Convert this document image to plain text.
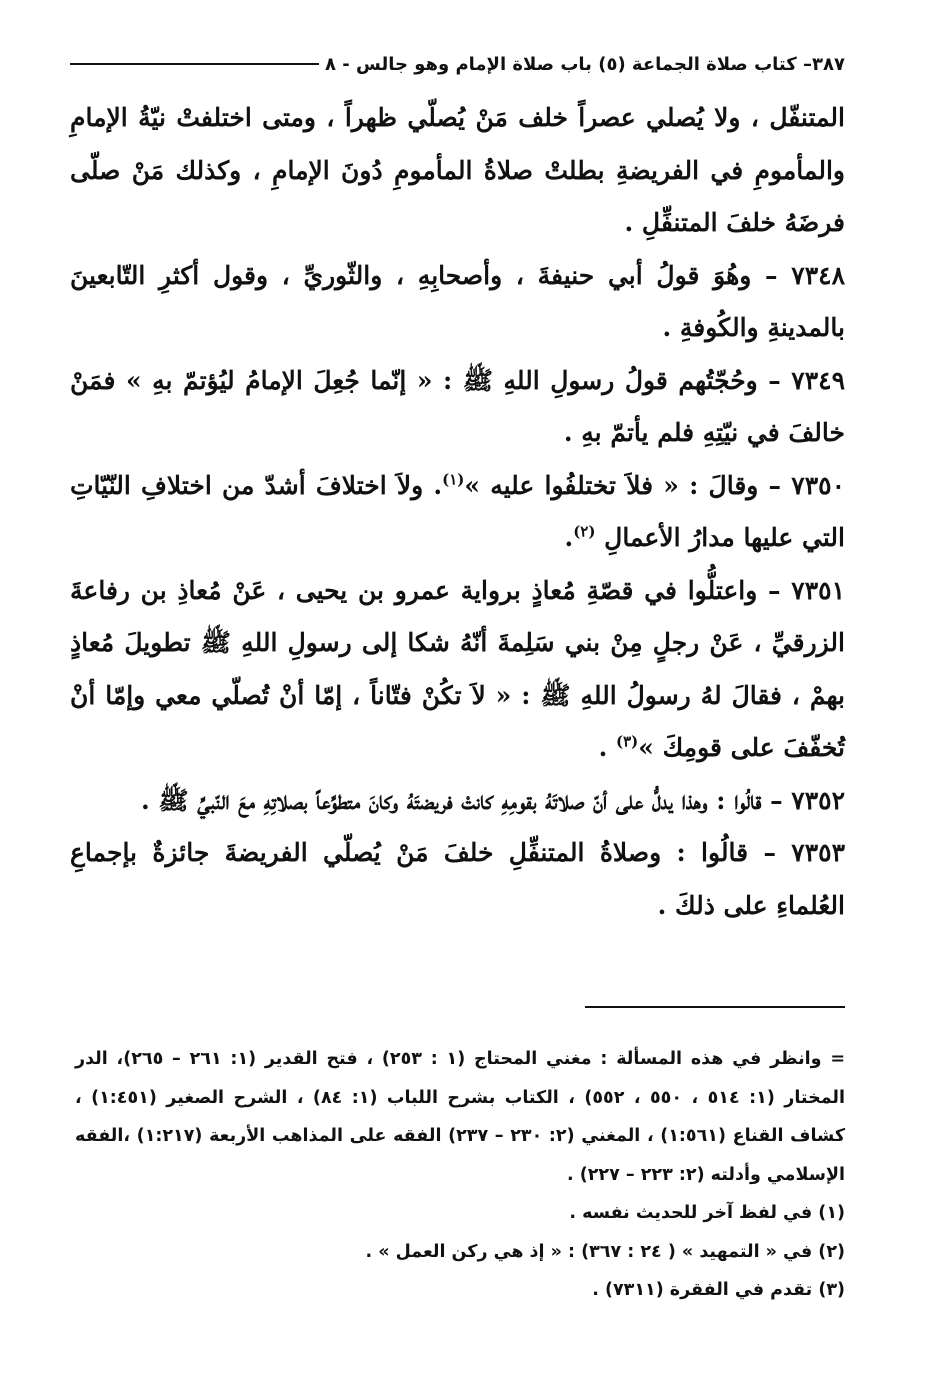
٣٨٧– كتاب صلاة الجماعة (٥) باب صلاة الإمام وهو جالس - ٨

المتنفّل ، ولا يُصلي عصراً خلف مَنْ يُصلّي ظهراً ، ومتى اختلفتْ نيّةُ الإمامِ والمأمومِ في الفريضةِ بطلتْ صلاةُ المأمومِ دُونَ الإمامِ ، وكذلك مَنْ صلّى فرضَهُ خلفَ المتنفِّلِ .

٧٣٤٨ – وهُوَ قولُ أبي حنيفةَ ، وأصحابِهِ ، والثّوريِّ ، وقول أكثرِ التّابعينَ بالمدينةِ والكُوفةِ .

٧٣٤٩ – وحُجّتُهم قولُ رسولِ اللهِ ﷺ : « إنّما جُعِلَ الإمامُ ليُؤتمّ بهِ » فمَنْ خالفَ في نيّتِهِ فلم يأتمّ بهِ .

٧٣٥٠ – وقالَ : « فلاَ تختلفُوا عليه »$^{(١)}$. ولاَ اختلافَ أشدّ من اختلافِ النّيّاتِ التي عليها مدارُ الأعمالِ $^{(٢)}$.

٧٣٥١ – واعتلُّوا في قصّةِ مُعاذٍ برواية عمرو بن يحيى ، عَنْ مُعاذِ بن رفاعةَ الزرقيِّ ، عَنْ رجلٍ مِنْ بني سَلِمةَ أنّهُ شكا إلى رسولِ اللهِ ﷺ تطويلَ مُعاذٍ بهمْ ، فقالَ لهُ رسولُ اللهِ ﷺ : « لاَ تكُنْ فتّاناً ، إمّا أنْ تُصلّي معي وإمّا أنْ تُخفّفَ على قومِكَ »$^{(٣)}$ .

٧٣٥٢ – قالُوا : وهذا يدلُّ على أنّ صلاتَهُ بقومِهِ كانتْ فريضتَهُ وكانَ متطوِّعاً بصلاتِهِ معَ النّبيِّ ﷺ .

٧٣٥٣ – قالُوا : وصلاةُ المتنفِّلِ خلفَ مَنْ يُصلّي الفريضةَ جائزةٌ بإجماعِ العُلماءِ على ذلكَ .

= وانظر في هذه المسألة : مغني المحتاج (١ : ٢٥٣) ، فتح القدير (١: ٢٦١ – ٢٦٥)، الدر المختار (١: ٥١٤ ، ٥٥٠ ، ٥٥٢) ، الكتاب بشرح اللباب (١: ٨٤) ، الشرح الصغير (١:٤٥١) ، كشاف القناع (١:٥٦١) ، المغني (٢: ٢٣٠ – ٢٣٧) الفقه على المذاهب الأربعة (١:٢١٧) ،الفقه الإسلامي وأدلته (٢: ٢٢٣ – ٢٢٧) .

(١) في لفظ آخر للحديث نفسه .

(٢) في « التمهيد » ( ٢٤ : ٣٦٧) : « إذ هي ركن العمل » .

(٣) تقدم في الفقرة (٧٣١١) .
